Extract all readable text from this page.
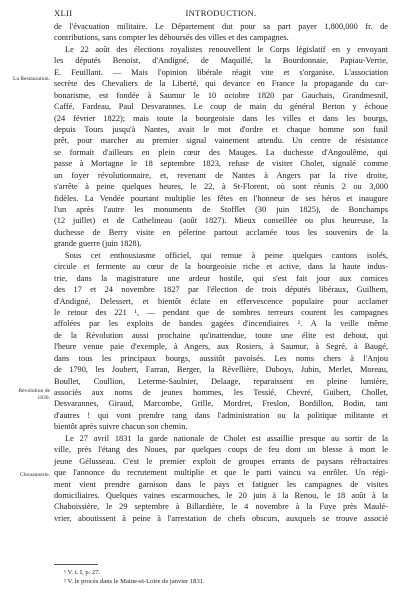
XLII	INTRODUCTION.
La Restauration.
Révolution de 1830.
Chouannerie.
de l'évacuation militaire. Le Département dut pour sa part payer 1,800,000 fr. de
contributions, sans compter les déboursés des villes et des campagnes.
Le 22 août des élections royalistes renouvellent le Corps législatif en y envoyant
les députés Benoist, d'Andigné, de Maquillé, la Bourdonnaie, Papiau-Verrie,
E. Feuillant. — Mais l'opinion libérale réagit vite et s'organise. L'association
secrète des Chevaliers de la Liberté, qui devance en France la propagande du car-
bonarisme, est fondée à Saumur le 10 octobre 1820 par Gauchais, Grandmesnil,
Caffé, Fardeau, Paul Desvarannes. Le coup de main du général Berton y échoue
(24 février 1822); mais toute la bourgeoisie dans les villes et dans les bourgs,
depuis Tours jusqu'à Nantes, avait le mot d'ordre et chaque homme son fusil
prêt, pour marcher au premier signal vainement attendu. Un centre de résistance
se formait d'ailleurs en plein cœur des Mauges. La duchesse d'Angoulême, qui
passe à Mortagne le 18 septembre 1823, refuse de visiter Cholet, signalé comme
un foyer révolutionnaire, et, revenant de Nantes à Angers par la rive droite,
s'arrête à peine quelques heures, le 22, à St-Florent, où sont réunis 2 ou 3,000
fidèles. La Vendée pourtant multiplie les fêtes en l'honneur de ses héros et inaugure
l'un après l'autre les monuments de Stofflet (30 juin 1825), de Bonchamps
(12 juillet) et de Cathelineau (août 1827). Mieux conseillée ou plus heureuse, la
duchesse de Berry visite en pèlerine partout acclamée tous les souvenirs de la
grande guerre (juin 1828).
Sous cet enthousiasme officiel, qui remue à peine quelques cantons isolés,
circule et fermente au cœur de la bourgeoisie riche et active, dans la haute indus-
trie, dans la magistrature une ardeur hostile, qui s'est fait jour aux comices
des 17 et 24 novembre 1827 par l'élection de trois députés libéraux, Guilhem,
d'Andigné, Delessert, et bientôt éclate en effervescence populaire pour acclamer
le retour des 221 ¹, — pendant que de sombres terreurs courent les campagnes
affolées par les exploits de bandes gagées d'incendiaires ². A la veille même
de la Révolution aussi prochaine qu'inattendue, toute une élite est debout, qui
l'heure venue paie d'exemple, à Angers, aux Rosiers, à Saumur, à Segré, à Baugé,
dans tous les principaux bourgs, aussitôt pavoisés. Les noms chers à l'Anjou
de 1790, les Joubert, Farran, Berger, la Révellière, Duboys, Jubin, Merlet, Moreau,
Boullet, Coullion, Leterme-Saulnier, Delaage, reparaissent en pleine lumière,
associés aux noms de jeunes hommes, les Tessié, Chevré, Guibert, Chollet,
Desvarannes, Giraud, Marcombe, Grille, Mordret, Freslon, Bordillon, Bodin, tant
d'autres ! qui vont prendre rang dans l'administration ou la politique militante et
bientôt après suivre chacun son chemin.
Le 27 avril 1831 la garde nationale de Cholet est assaillie presque au sortir de la
ville, près l'étang des Noues, par quelques coups de feu dont un blesse à mort le
jeune Gélusseau. C'est le premier exploit de groupes errants de paysans réfractaires
que l'annonce du recrutement multiplie et que le parti vaincu va enrôler. Un régi-
ment vient prendre garnison dans le pays et fatiguer les campagnes de visites
domiciliaires. Quelques vaines escarmouches, le 20 juin à la Renou, le 18 août à la
Chaboissière, le 29 septembre à Billardière, le 4 novembre à la Fuye près Maulé-
vrier, aboutissent à peine à l'arrestation de chefs obscurs, auxquels se trouve associé
¹ V. t. I, p. 27.
² V. le procès dans le Maine-et-Loire de janvier 1831.
